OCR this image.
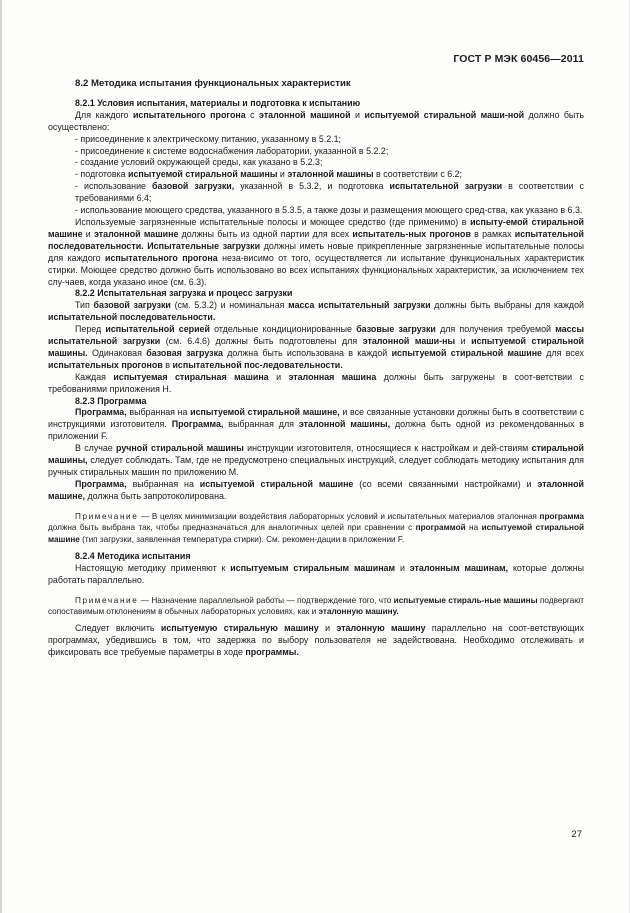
ГОСТ Р МЭК 60456—2011

8.2 Методика испытания функциональных характеристик

8.2.1 Условия испытания, материалы и подготовка к испытанию

Для каждого испытательного прогона с эталонной машиной и испытуемой стиральной маши-ной должно быть осуществлено:

- присоединение к электрическому питанию, указанному в 5.2.1;

- присоединение к системе водоснабжения лаборатории, указанной в 5.2.2;

- создание условий окружающей среды, как указано в 5.2.3;

- подготовка испытуемой стиральной машины и эталонной машины в соответствии с 6.2;

- использование базовой загрузки, указанной в 5.3.2, и подготовка испытательной загрузки в соответствии с требованиями 6.4;

- использование моющего средства, указанного в 5.3.5, а также дозы и размещения моющего сред-ства, как указано в 6.3.

Используемые загрязненные испытательные полосы и моющее средство (где применимо) в испыту-емой стиральной машине и эталонной машине должны быть из одной партии для всех испытатель-ных прогонов в рамках испытательной последовательности. Испытательные загрузки должны иметь новые прикрепленные загрязненные испытательные полосы для каждого испытательного прогона неза-висимо от того, осуществляется ли испытание функциональных характеристик стирки. Моющее средство должно быть использовано во всех испытаниях функциональных характеристик, за исключением тех слу-чаев, когда указано иное (см. 6.3).

8.2.2 Испытательная загрузка и процесс загрузки

Тип базовой загрузки (см. 5.3.2) и номинальная масса испытательный загрузки должны быть выбраны для каждой испытательной последовательности.

Перед испытательной серией отдельные кондиционированные базовые загрузки для получения требуемой массы испытательной загрузки (см. 6.4.6) должны быть подготовлены для эталонной маши-ны и испытуемой стиральной машины. Одинаковая базовая загрузка должна быть использована в каждой испытуемой стиральной машине для всех испытательных прогонов в испытательной пос-ледовательности.

Каждая испытуемая стиральная машина и эталонная машина должны быть загружены в соот-ветствии с требованиями приложения Н.

8.2.3 Программа

Программа, выбранная на испытуемой стиральной машине, и все связанные установки должны быть в соответствии с инструкциями изготовителя. Программа, выбранная для эталонной машины, должна быть одной из рекомендованных в приложении F.

В случае ручной стиральной машины инструкции изготовителя, относящиеся к настройкам и дей-ствиям стиральной машины, следует соблюдать. Там, где не предусмотрено специальных инструкций, следует соблюдать методику испытания для ручных стиральных машин по приложению М.

Программа, выбранная на испытуемой стиральной машине (со всеми связанными настройками) и эталонной машине, должна быть запротоколирована.

Примечание — В целях минимизации воздействия лабораторных условий и испытательных материалов эталонная программа должна быть выбрана так, чтобы предназначаться для аналогичных целей при сравнении с программой на испытуемой стиральной машине (тип загрузки, заявленная температура стирки). См. рекомен-дации в приложении F.

8.2.4 Методика испытания

Настоящую методику применяют к испытуемым стиральным машинам и эталонным машинам, которые должны работать параллельно.

Примечание — Назначение параллельной работы — подтверждение того, что испытуемые стираль-ные машины подвергают сопоставимым отклонениям в обычных лабораторных условиях, как и эталонную машину.

Следует включить испытуемую стиральную машину и эталонную машину параллельно на соот-ветствующих программах, убедившись в том, что задержка по выбору пользователя не задействована. Необходимо отслеживать и фиксировать все требуемые параметры в ходе программы.

27
